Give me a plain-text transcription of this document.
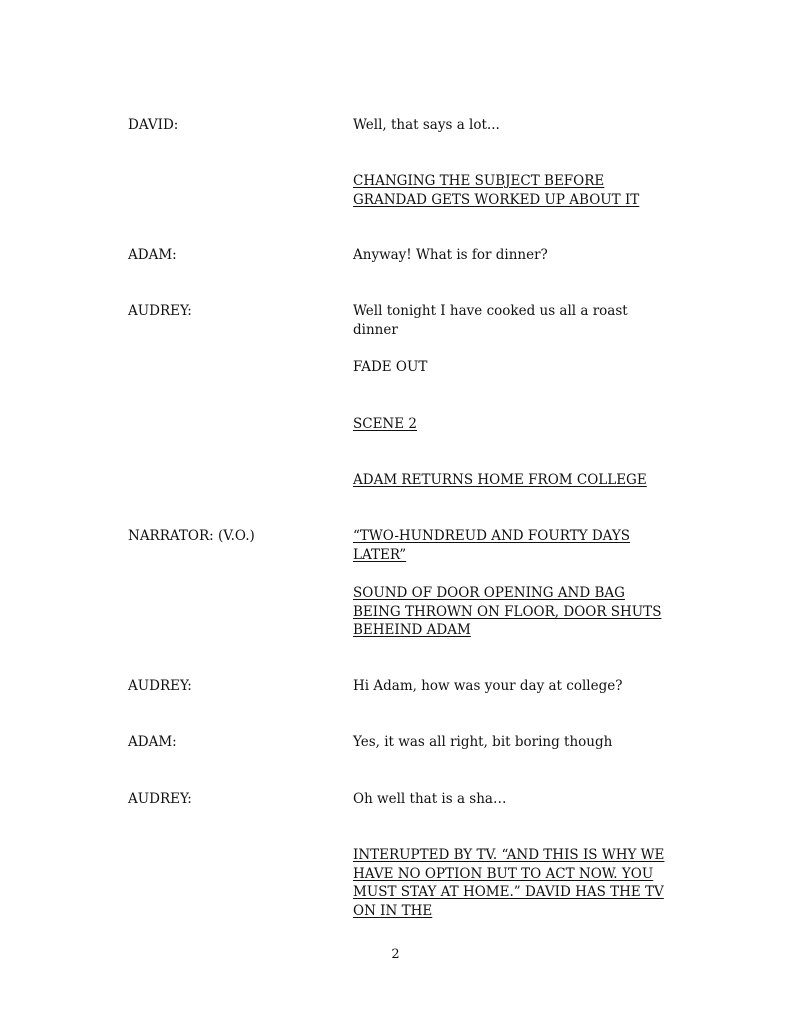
DAVID:	Well, that says a lot...
CHANGING THE SUBJECT BEFORE GRANDAD GETS WORKED UP ABOUT IT
ADAM:	Anyway! What is for dinner?
AUDREY:	Well tonight I have cooked us all a roast dinner
FADE OUT
SCENE 2
ADAM RETURNS HOME FROM COLLEGE
NARRATOR: (V.O.)	“TWO-HUNDREUD AND FOURTY DAYS LATER”
SOUND OF DOOR OPENING AND BAG BEING THROWN ON FLOOR, DOOR SHUTS BEHEIND ADAM
AUDREY:	Hi Adam, how was your day at college?
ADAM:	Yes, it was all right, bit boring though
AUDREY:	Oh well that is a sha…
INTERUPTED BY TV. “AND THIS IS WHY WE HAVE NO OPTION BUT TO ACT NOW. YOU MUST STAY AT HOME.” DAVID HAS THE TV ON IN THE
2
